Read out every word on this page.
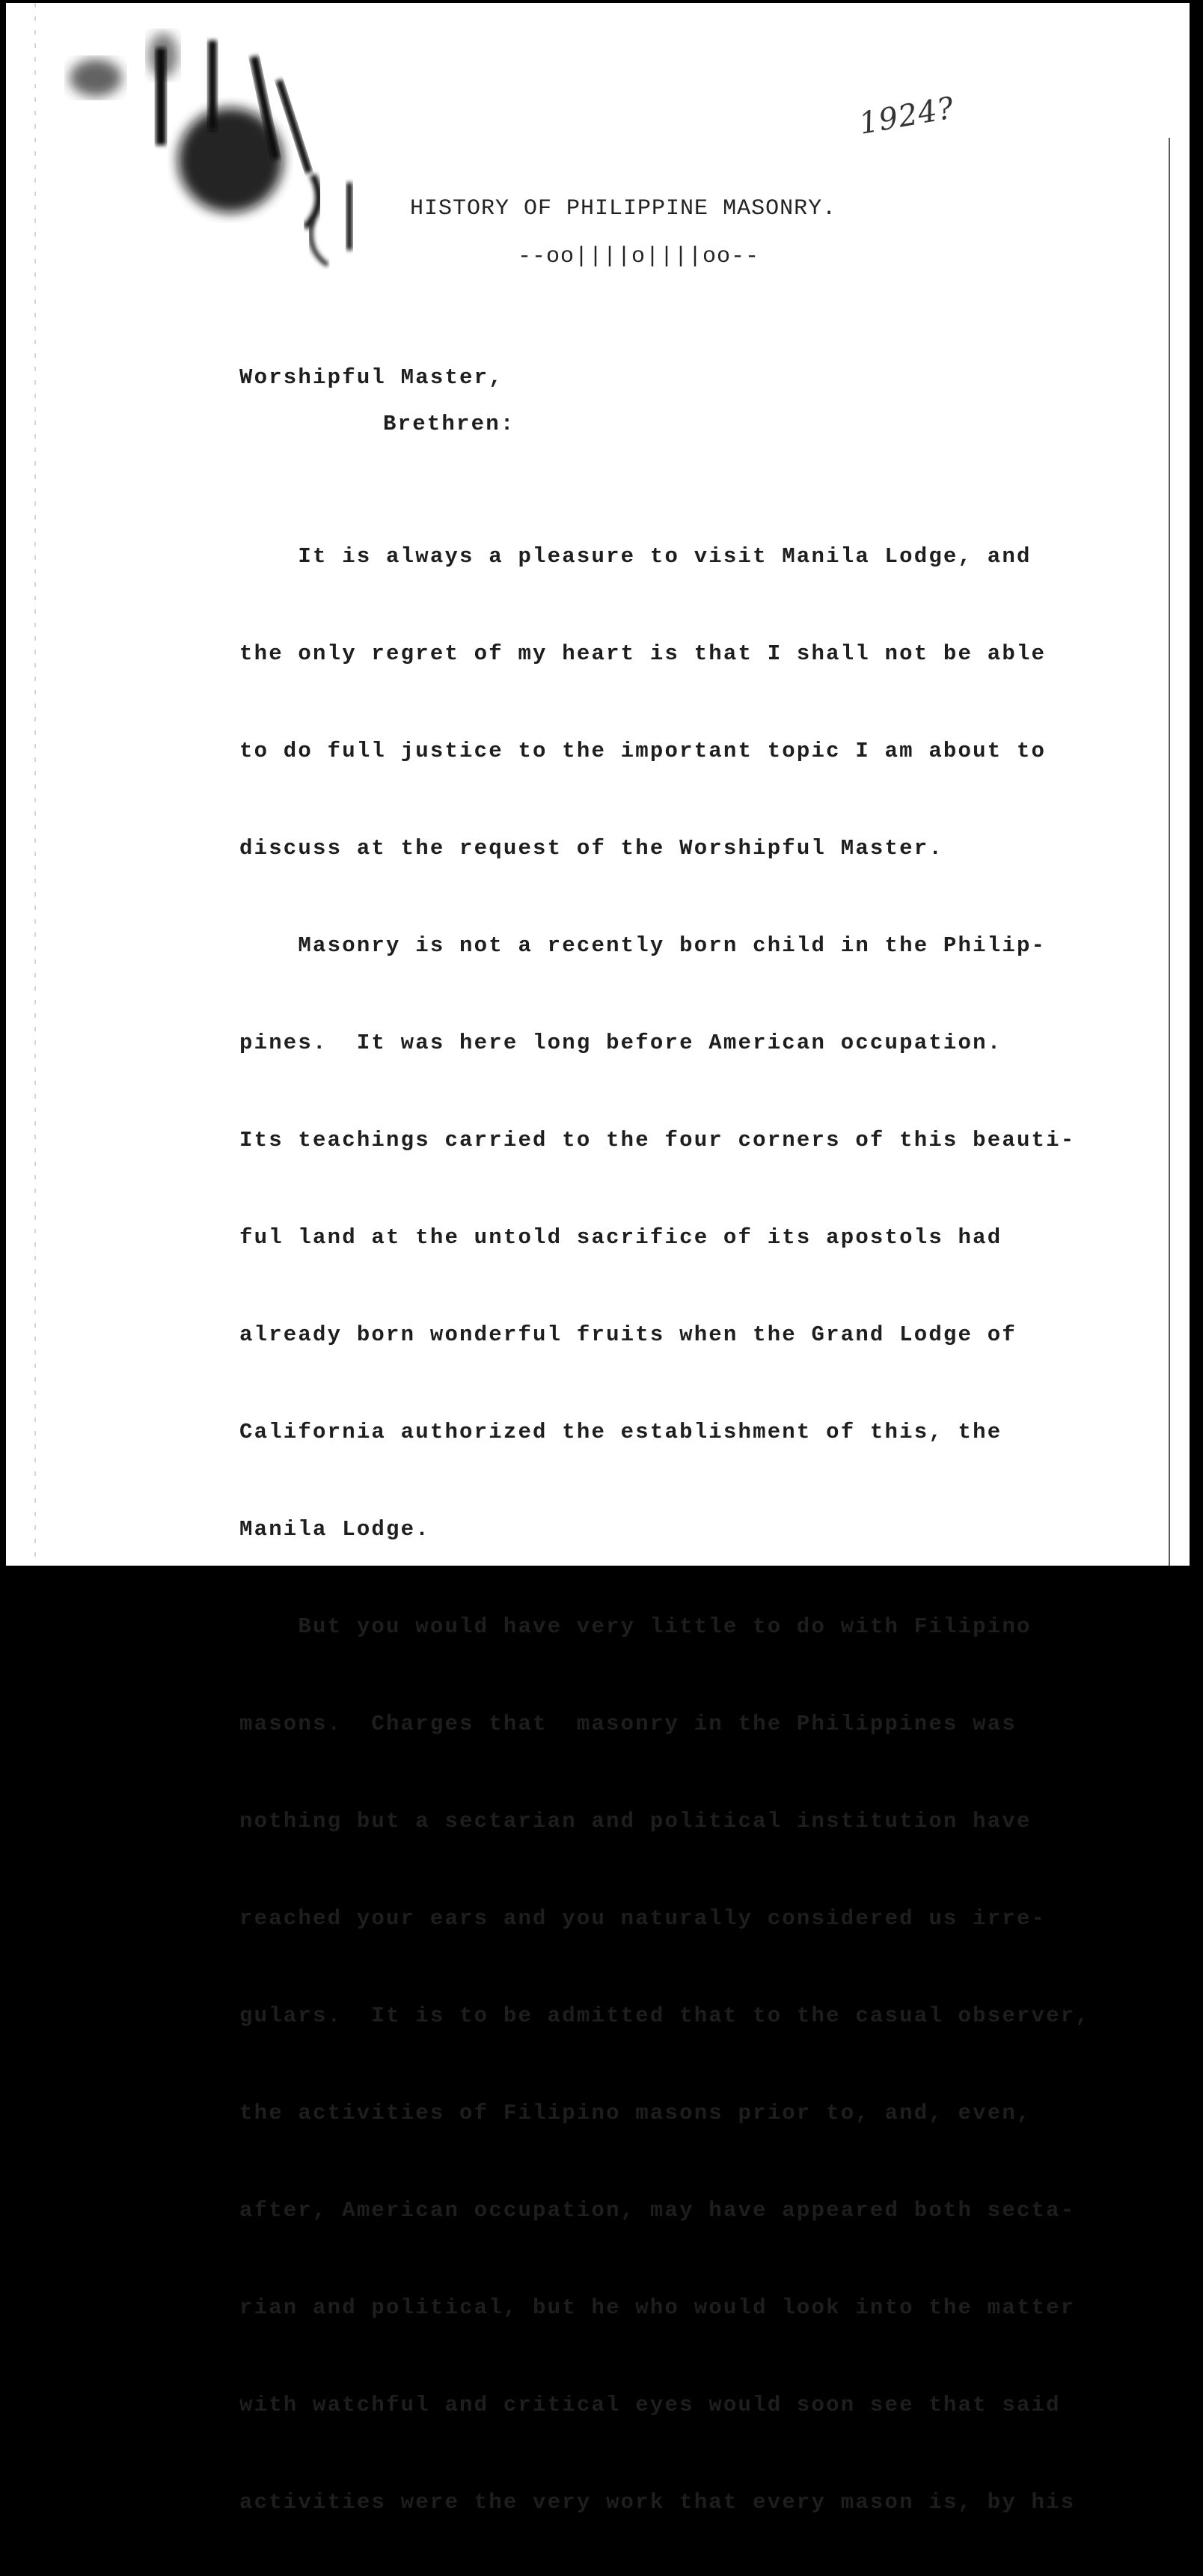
1924?
HISTORY OF PHILIPPINE MASONRY.
--oo||||o||||oo--
Worshipful Master,
Brethren:

It is always a pleasure to visit Manila Lodge, and

the only regret of my heart is that I shall not be able

to do full justice to the important topic I am about to

discuss at the request of the Worshipful Master.

Masonry is not a recently born child in the Philip-

pines.  It was here long before American occupation.

Its teachings carried to the four corners of this beauti-

ful land at the untold sacrifice of its apostols had

already born wonderful fruits when the Grand Lodge of

California authorized the establishment of this, the

Manila Lodge.

But you would have very little to do with Filipino

masons.  Charges that  masonry in the Philippines was

nothing but a sectarian and political institution have

reached your ears and you naturally considered us irre-

gulars.  It is to be admitted that to the casual observer,

the activities of Filipino masons prior to, and, even,

after, American occupation, may have appeared both secta-

rian and political, but he who would look into the matter

with watchful and critical eyes would soon see that said

activities were the very work that every mason is, by his
